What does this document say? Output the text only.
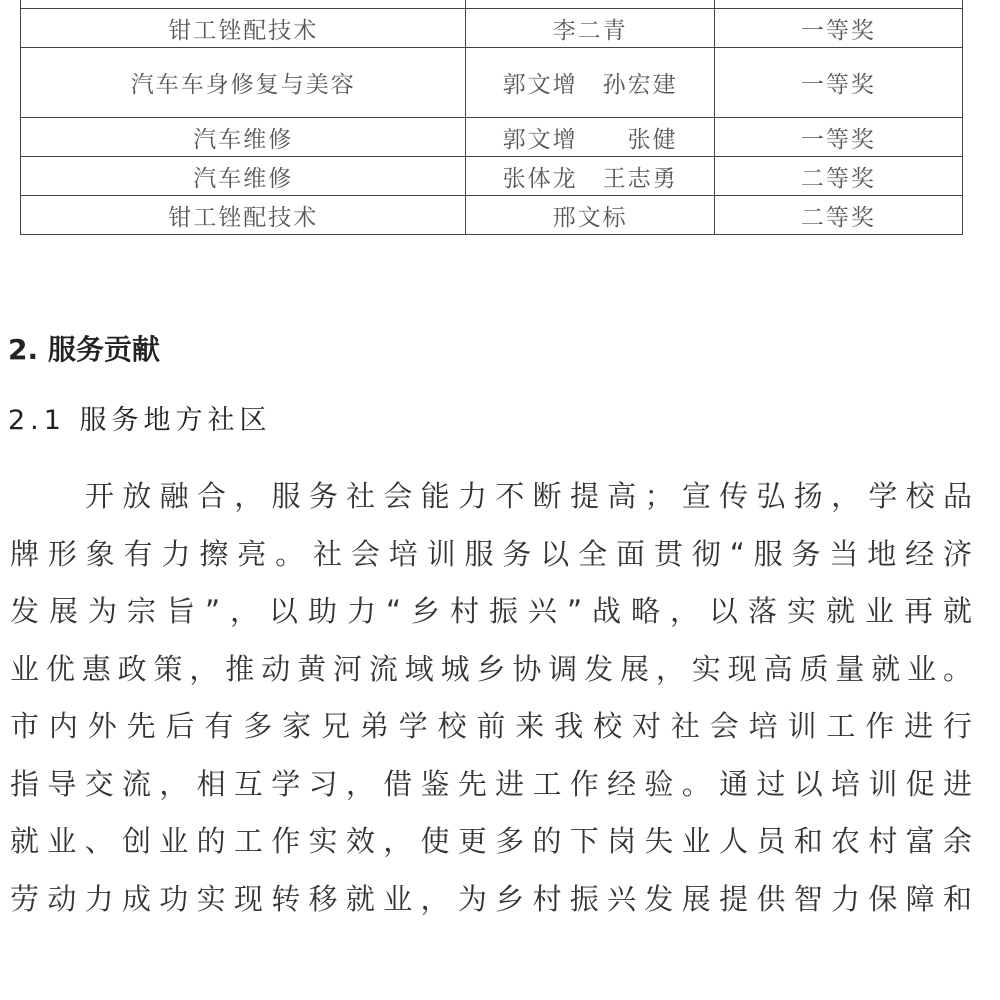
钳工锉配技术	李二青	一等奖
汽车车身修复与美容	郭文增　孙宏建	一等奖
汽车维修	郭文增　　张健	一等奖
汽车维修	张体龙　王志勇	二等奖
钳工锉配技术	邢文标	二等奖
2. 服务贡献
2.1 服务地方社区
开放融合，服务社会能力不断提高；宣传弘扬，学校品
牌形象有力擦亮。社会培训服务以全面贯彻“服务当地经济
发展为宗旨”，以助力“乡村振兴”战略，以落实就业再就
业优惠政策，推动黄河流域城乡协调发展，实现高质量就业。
市内外先后有多家兄弟学校前来我校对社会培训工作进行
指导交流，相互学习，借鉴先进工作经验。通过以培训促进
就业、创业的工作实效，使更多的下岗失业人员和农村富余
劳动力成功实现转移就业，为乡村振兴发展提供智力保障和
